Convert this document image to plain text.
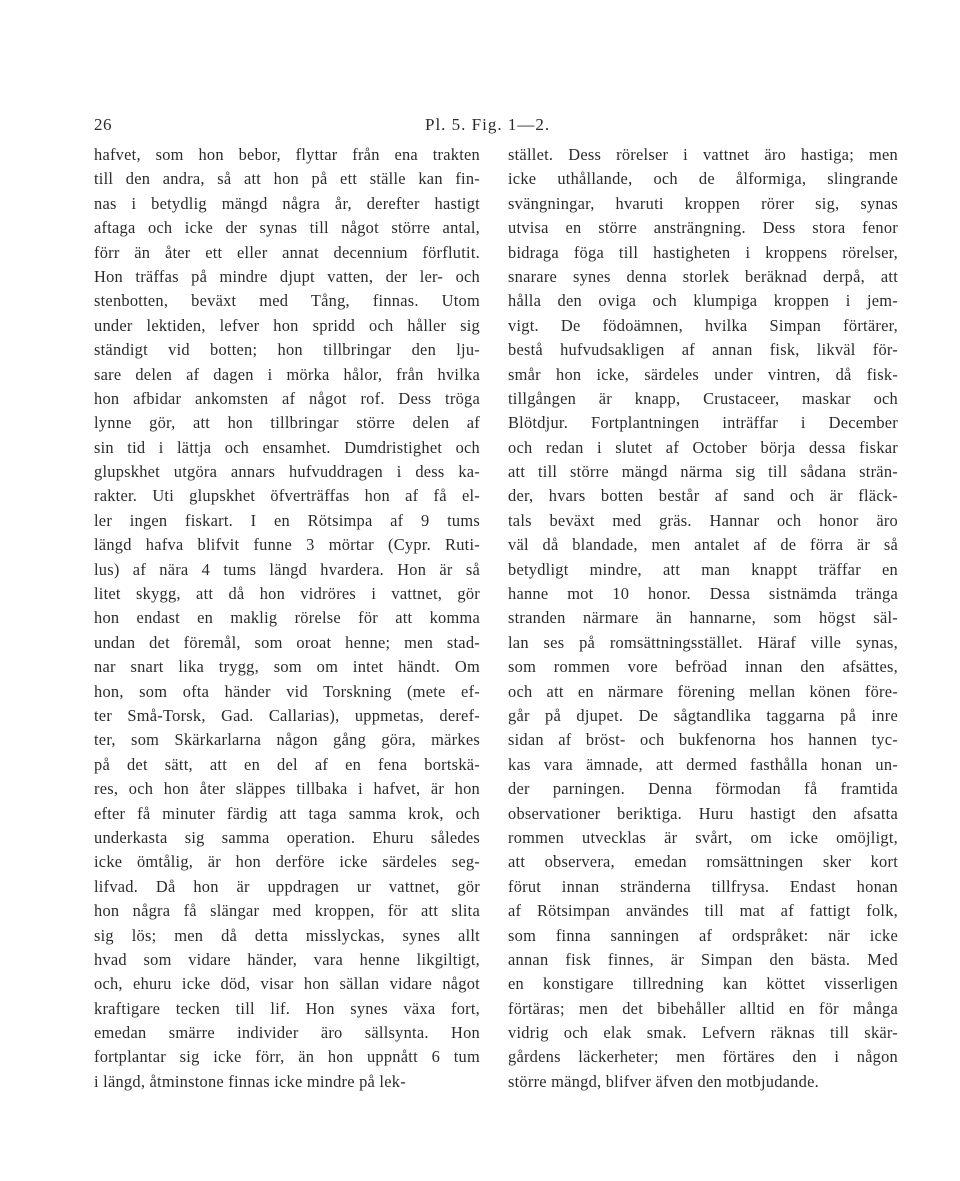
26	Pl. 5. Fig. 1—2.
hafvet, som hon bebor, flyttar från ena trakten
till den andra, så att hon på ett ställe kan fin-
nas i betydlig mängd några år, derefter hastigt
aftaga och icke der synas till något större antal,
förr än åter ett eller annat decennium förflutit.
Hon träffas på mindre djupt vatten, der ler- och
stenbotten, beväxt med Tång, finnas. Utom
under lektiden, lefver hon spridd och håller sig
ständigt vid botten; hon tillbringar den lju-
sare delen af dagen i mörka hålor, från hvilka
hon afbidar ankomsten af något rof. Dess tröga
lynne gör, att hon tillbringar större delen af
sin tid i lättja och ensamhet. Dumdristighet och
glupskhet utgöra annars hufvuddragen i dess ka-
rakter. Uti glupskhet öfverträffas hon af få el-
ler ingen fiskart. I en Rötsimpa af 9 tums
längd hafva blifvit funne 3 mörtar (Cypr. Ruti-
lus) af nära 4 tums längd hvardera. Hon är så
litet skygg, att då hon vidröres i vattnet, gör
hon endast en maklig rörelse för att komma
undan det föremål, som oroat henne; men stad-
nar snart lika trygg, som om intet händt. Om
hon, som ofta händer vid Torskning (mete ef-
ter Små-Torsk, Gad. Callarias), uppmetas, deref-
ter, som Skärkarlarna någon gång göra, märkes
på det sätt, att en del af en fena bortskä-
res, och hon åter släppes tillbaka i hafvet, är hon
efter få minuter färdig att taga samma krok, och
underkasta sig samma operation. Ehuru således
icke ömtålig, är hon derföre icke särdeles seg-
lifvad. Då hon är uppdragen ur vattnet, gör
hon några få slängar med kroppen, för att slita
sig lös; men då detta misslyckas, synes allt
hvad som vidare händer, vara henne likgiltigt,
och, ehuru icke död, visar hon sällan vidare något
kraftigare tecken till lif. Hon synes växa fort,
emedan smärre individer äro sällsynta. Hon
fortplantar sig icke förr, än hon uppnått 6 tum
i längd, åtminstone finnas icke mindre på lek-
stället. Dess rörelser i vattnet äro hastiga; men
icke uthållande, och de ålformiga, slingrande
svängningar, hvaruti kroppen rörer sig, synas
utvisa en större ansträngning. Dess stora fenor
bidraga föga till hastigheten i kroppens rörelser,
snarare synes denna storlek beräknad derpå, att
hålla den oviga och klumpiga kroppen i jem-
vigt. De födoämnen, hvilka Simpan förtärer,
bestå hufvudsakligen af annan fisk, likväl för-
smår hon icke, särdeles under vintren, då fisk-
tillgången är knapp, Crustaceer, maskar och
Blötdjur. Fortplantningen inträffar i December
och redan i slutet af October börja dessa fiskar
att till större mängd närma sig till sådana strän-
der, hvars botten består af sand och är fläck-
tals beväxt med gräs. Hannar och honor äro
väl då blandade, men antalet af de förra är så
betydligt mindre, att man knappt träffar en
hanne mot 10 honor. Dessa sistnämda tränga
stranden närmare än hannarne, som högst säl-
lan ses på romsättningsstället. Häraf ville synas,
som rommen vore befröad innan den afsättes,
och att en närmare förening mellan könen före-
går på djupet. De sågtandlika taggarna på inre
sidan af bröst- och bukfenorna hos hannen tyc-
kas vara ämnade, att dermed fasthålla honan un-
der parningen. Denna förmodan få framtida
observationer beriktiga. Huru hastigt den afsatta
rommen utvecklas är svårt, om icke omöjligt,
att observera, emedan romsättningen sker kort
förut innan stränderna tillfrysa. Endast honan
af Rötsimpan användes till mat af fattigt folk,
som finna sanningen af ordspråket: när icke
annan fisk finnes, är Simpan den bästa. Med
en konstigare tillredning kan köttet visserligen
förtäras; men det bibehåller alltid en för många
vidrig och elak smak. Lefvern räknas till skär-
gårdens läckerheter; men förtäres den i någon
större mängd, blifver äfven den motbjudande.
